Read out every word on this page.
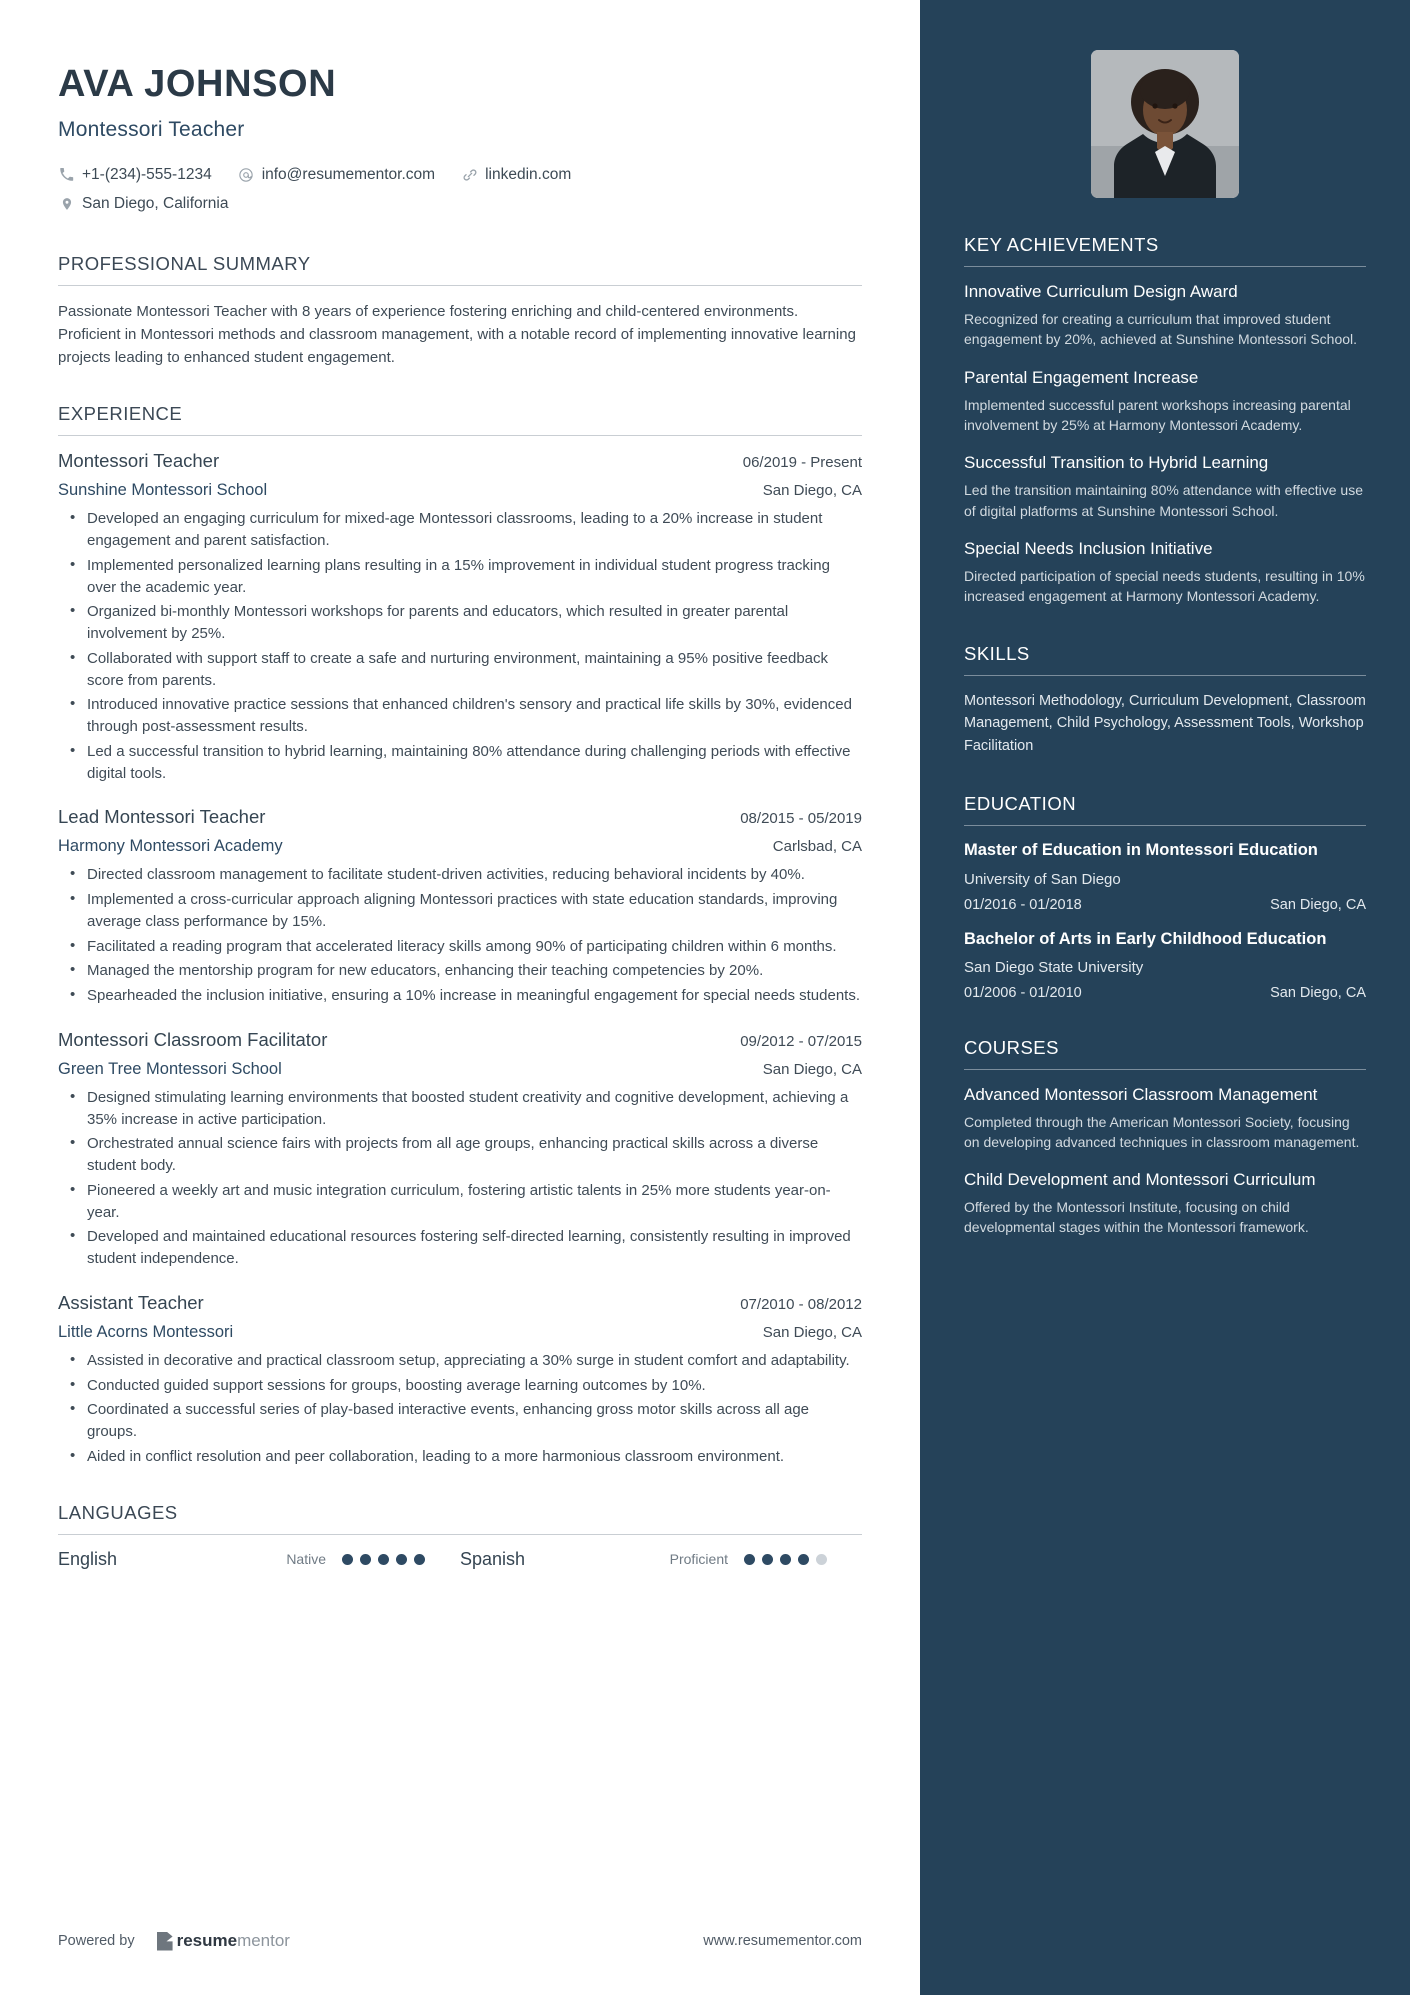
AVA JOHNSON
Montessori Teacher
+1-(234)-555-1234	info@resumementor.com	linkedin.com
San Diego, California
PROFESSIONAL SUMMARY
Passionate Montessori Teacher with 8 years of experience fostering enriching and child-centered environments. Proficient in Montessori methods and classroom management, with a notable record of implementing innovative learning projects leading to enhanced student engagement.
EXPERIENCE
Montessori Teacher	06/2019 - Present
Sunshine Montessori School	San Diego, CA
• Developed an engaging curriculum for mixed-age Montessori classrooms, leading to a 20% increase in student engagement and parent satisfaction.
• Implemented personalized learning plans resulting in a 15% improvement in individual student progress tracking over the academic year.
• Organized bi-monthly Montessori workshops for parents and educators, which resulted in greater parental involvement by 25%.
• Collaborated with support staff to create a safe and nurturing environment, maintaining a 95% positive feedback score from parents.
• Introduced innovative practice sessions that enhanced children's sensory and practical life skills by 30%, evidenced through post-assessment results.
• Led a successful transition to hybrid learning, maintaining 80% attendance during challenging periods with effective digital tools.
Lead Montessori Teacher	08/2015 - 05/2019
Harmony Montessori Academy	Carlsbad, CA
• Directed classroom management to facilitate student-driven activities, reducing behavioral incidents by 40%.
• Implemented a cross-curricular approach aligning Montessori practices with state education standards, improving average class performance by 15%.
• Facilitated a reading program that accelerated literacy skills among 90% of participating children within 6 months.
• Managed the mentorship program for new educators, enhancing their teaching competencies by 20%.
• Spearheaded the inclusion initiative, ensuring a 10% increase in meaningful engagement for special needs students.
Montessori Classroom Facilitator	09/2012 - 07/2015
Green Tree Montessori School	San Diego, CA
• Designed stimulating learning environments that boosted student creativity and cognitive development, achieving a 35% increase in active participation.
• Orchestrated annual science fairs with projects from all age groups, enhancing practical skills across a diverse student body.
• Pioneered a weekly art and music integration curriculum, fostering artistic talents in 25% more students year-on-year.
• Developed and maintained educational resources fostering self-directed learning, consistently resulting in improved student independence.
Assistant Teacher	07/2010 - 08/2012
Little Acorns Montessori	San Diego, CA
• Assisted in decorative and practical classroom setup, appreciating a 30% surge in student comfort and adaptability.
• Conducted guided support sessions for groups, boosting average learning outcomes by 10%.
• Coordinated a successful series of play-based interactive events, enhancing gross motor skills across all age groups.
• Aided in conflict resolution and peer collaboration, leading to a more harmonious classroom environment.
LANGUAGES
English	Native	Spanish	Proficient
Powered by resume mentor	www.resumementor.com
KEY ACHIEVEMENTS
Innovative Curriculum Design Award
Recognized for creating a curriculum that improved student engagement by 20%, achieved at Sunshine Montessori School.
Parental Engagement Increase
Implemented successful parent workshops increasing parental involvement by 25% at Harmony Montessori Academy.
Successful Transition to Hybrid Learning
Led the transition maintaining 80% attendance with effective use of digital platforms at Sunshine Montessori School.
Special Needs Inclusion Initiative
Directed participation of special needs students, resulting in 10% increased engagement at Harmony Montessori Academy.
SKILLS
Montessori Methodology, Curriculum Development, Classroom Management, Child Psychology, Assessment Tools, Workshop Facilitation
EDUCATION
Master of Education in Montessori Education
University of San Diego
01/2016 - 01/2018	San Diego, CA
Bachelor of Arts in Early Childhood Education
San Diego State University
01/2006 - 01/2010	San Diego, CA
COURSES
Advanced Montessori Classroom Management
Completed through the American Montessori Society, focusing on developing advanced techniques in classroom management.
Child Development and Montessori Curriculum
Offered by the Montessori Institute, focusing on child developmental stages within the Montessori framework.
